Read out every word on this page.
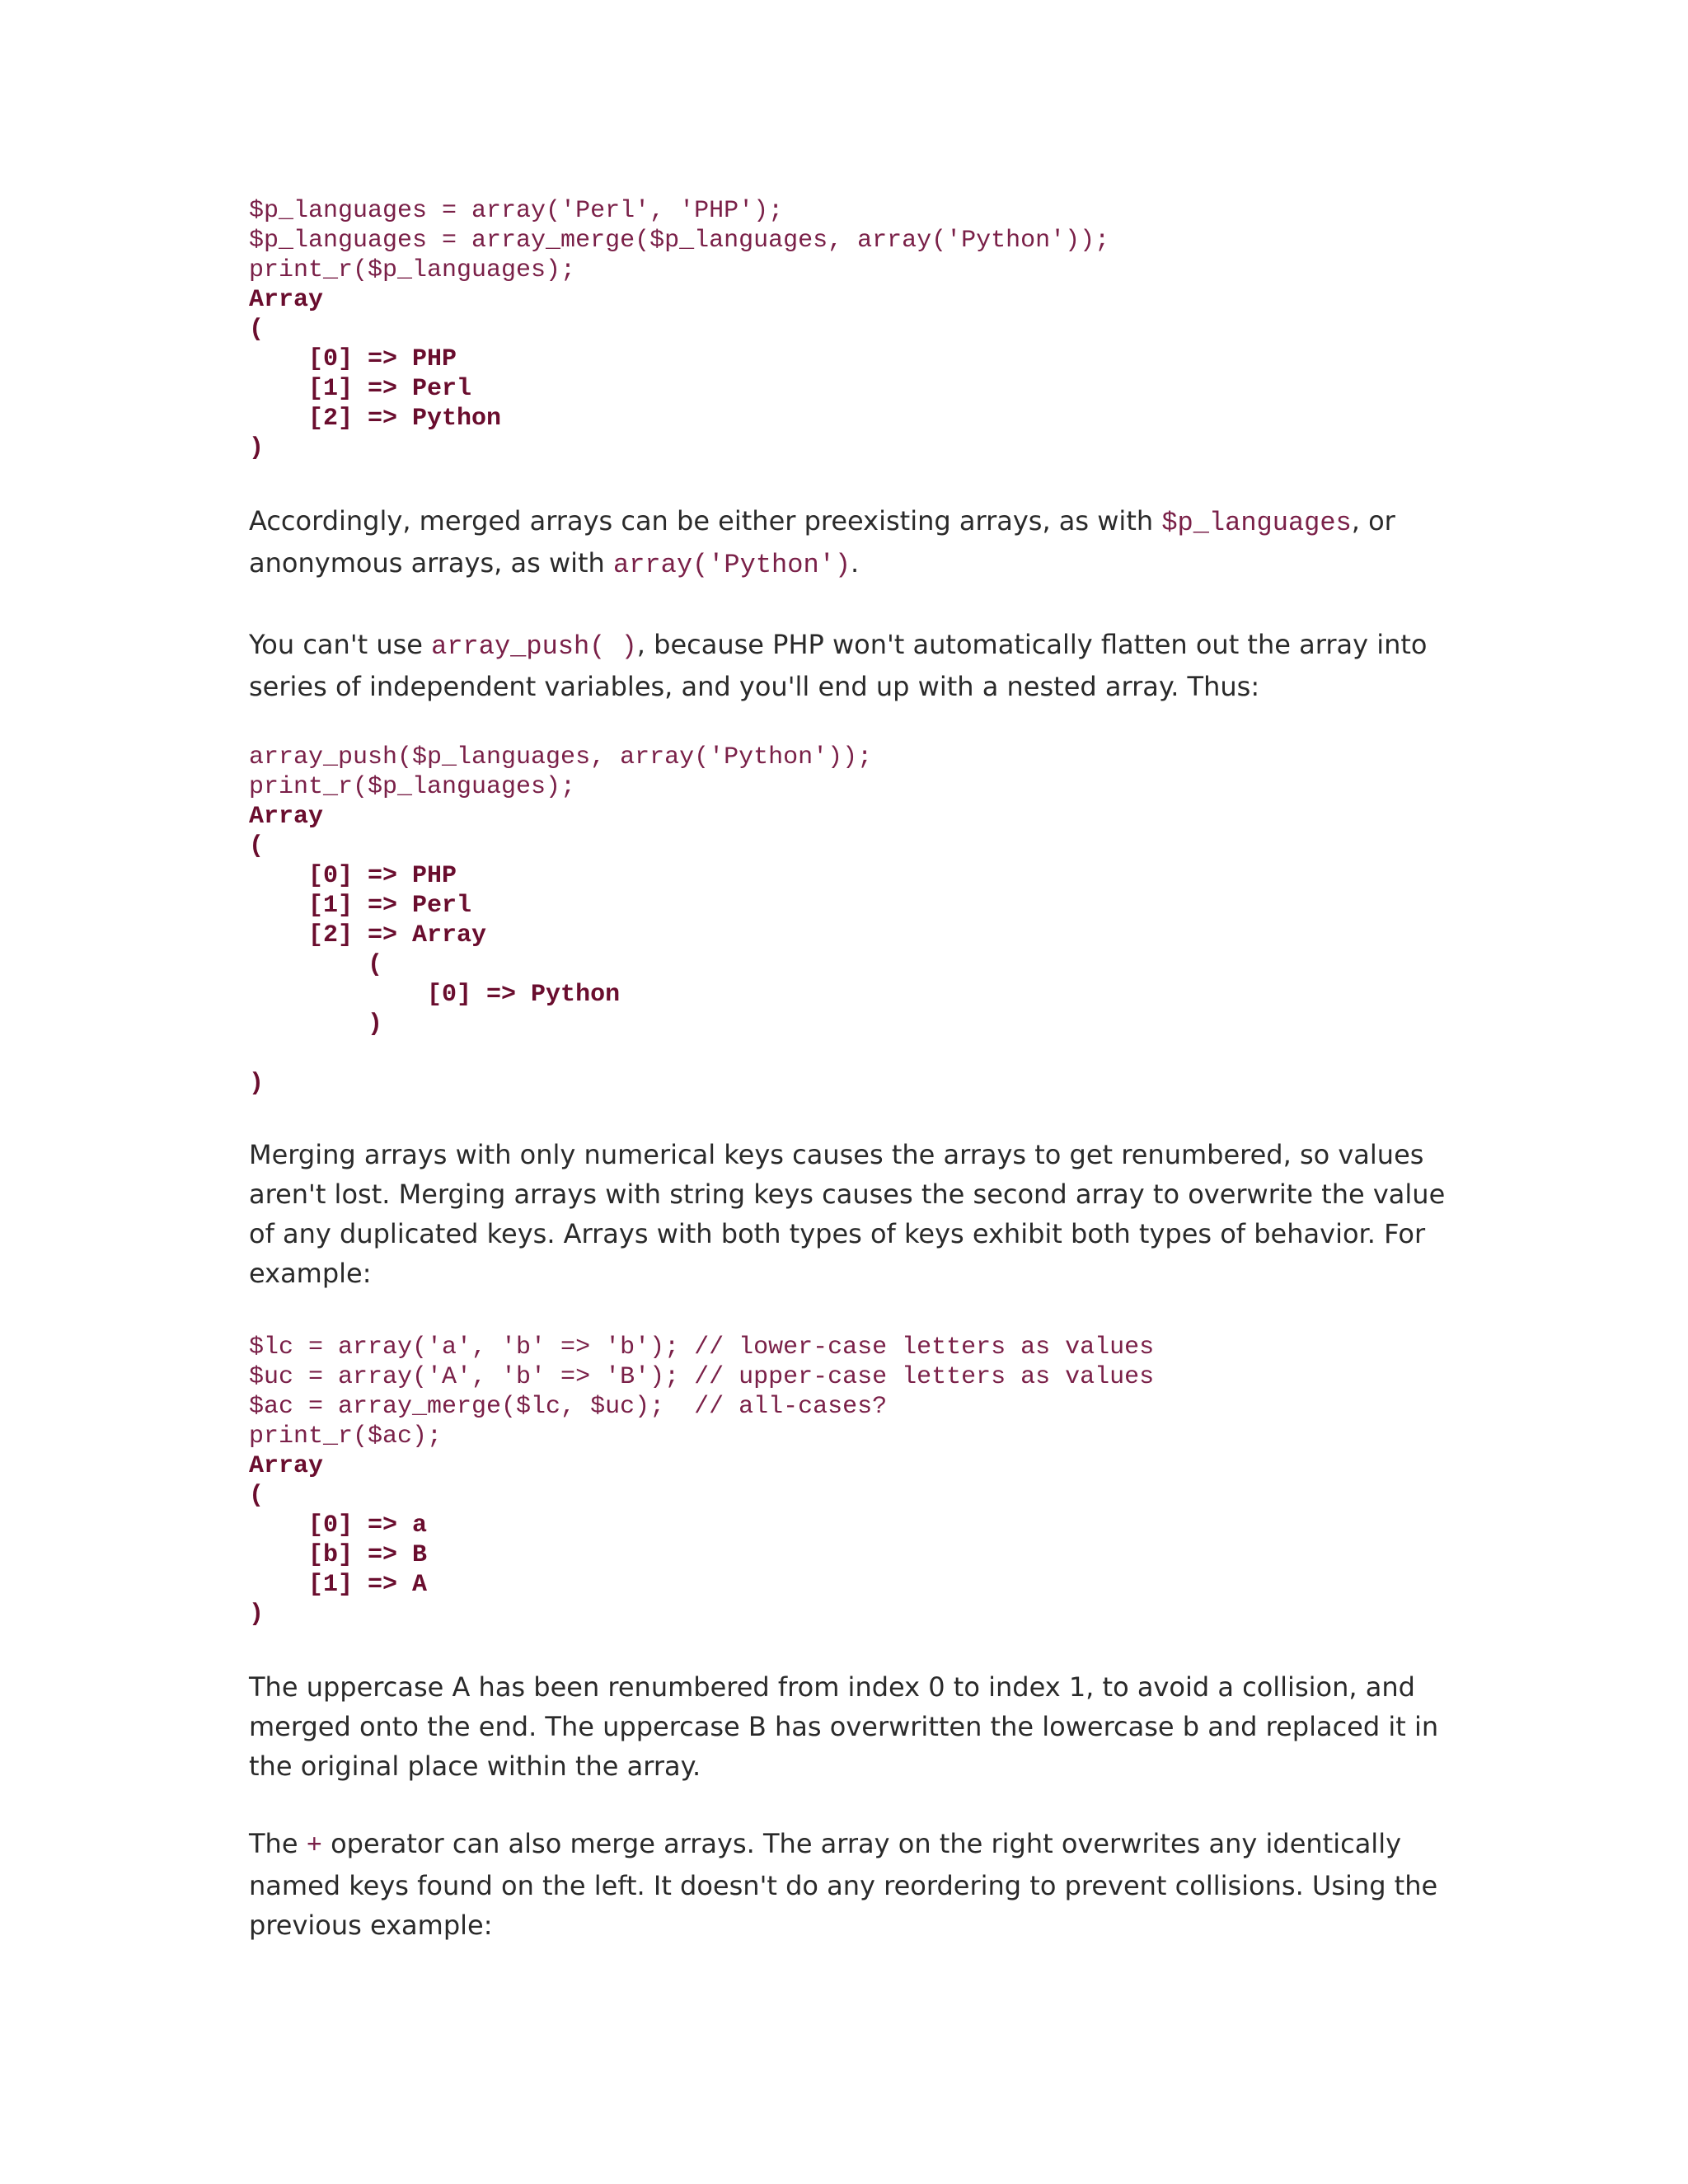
$p_languages = array('Perl', 'PHP');
$p_languages = array_merge($p_languages, array('Python'));
print_r($p_languages);
Array
(
[0] => PHP
[1] => Perl
[2] => Python
)

Accordingly, merged arrays can be either preexisting arrays, as with $p_languages, or anonymous arrays, as with array('Python').

You can't use array_push( ), because PHP won't automatically flatten out the array into series of independent variables, and you'll end up with a nested array. Thus:

array_push($p_languages, array('Python'));
print_r($p_languages);
Array
(
[0] => PHP
[1] => Perl
[2] => Array
(
[0] => Python
)

)

Merging arrays with only numerical keys causes the arrays to get renumbered, so values aren't lost. Merging arrays with string keys causes the second array to overwrite the value of any duplicated keys. Arrays with both types of keys exhibit both types of behavior. For example:

$lc = array('a', 'b' => 'b'); // lower-case letters as values
$uc = array('A', 'b' => 'B'); // upper-case letters as values
$ac = array_merge($lc, $uc);  // all-cases?
print_r($ac);
Array
(
[0] => a
[b] => B
[1] => A
)

The uppercase A has been renumbered from index 0 to index 1, to avoid a collision, and merged onto the end. The uppercase B has overwritten the lowercase b and replaced it in the original place within the array.

The + operator can also merge arrays. The array on the right overwrites any identically named keys found on the left. It doesn't do any reordering to prevent collisions. Using the previous example:
